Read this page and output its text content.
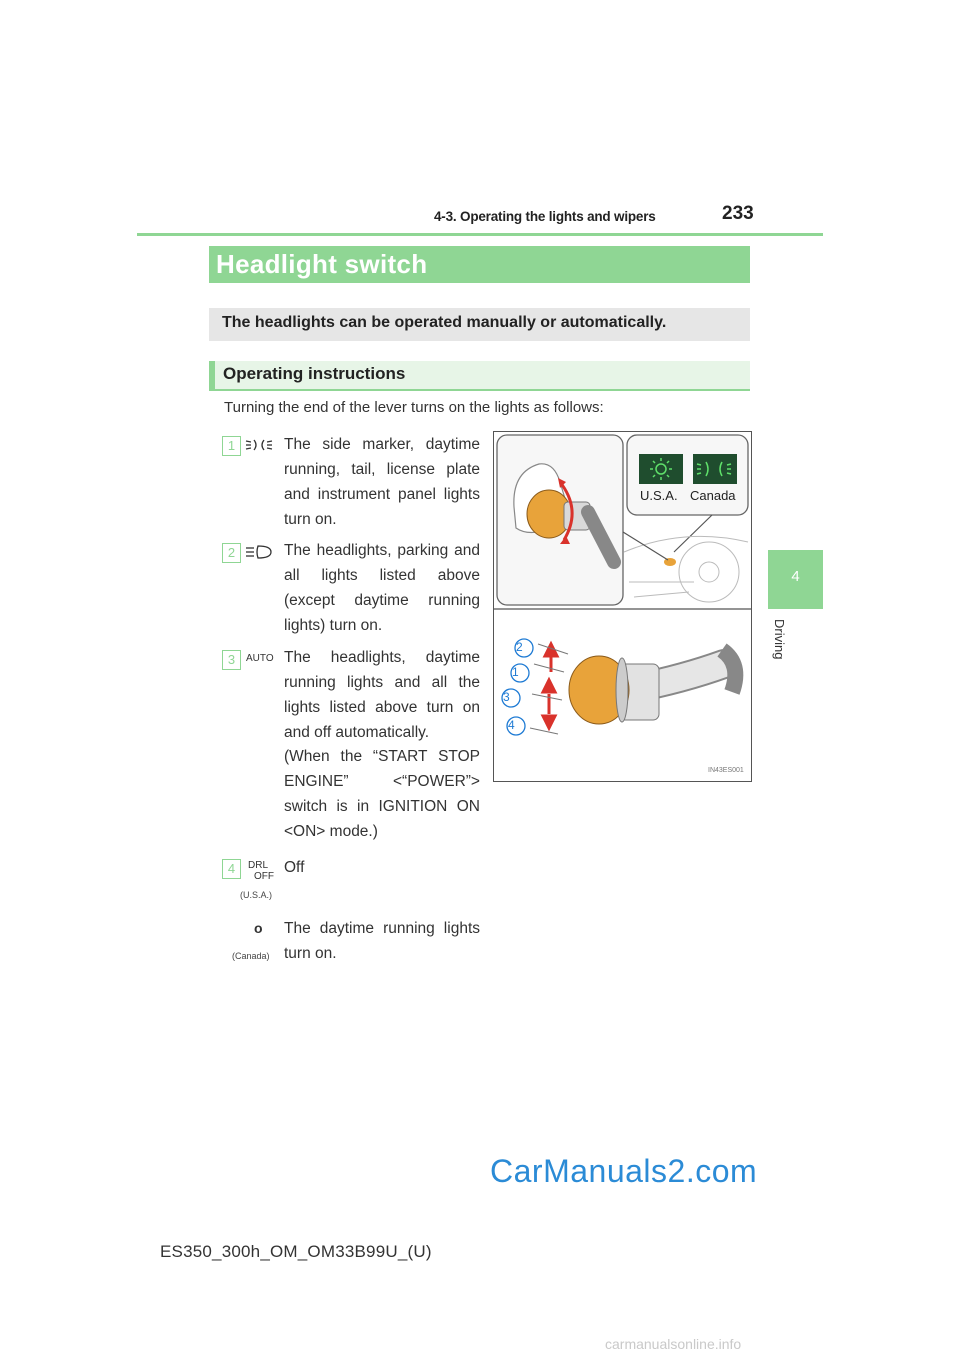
4-3. Operating the lights and wipers	233
4
Driving
Headlight switch
The headlights can be operated manually or automatically.
Operating instructions
Turning the end of the lever turns on the lights as follows:
1	The side marker, daytime running, tail, license plate and instrument panel lights turn on.
2	The headlights, parking and all lights listed above (except daytime running lights) turn on.
3	AUTO The headlights, daytime running lights and all the lights listed above turn on and off automatically.
(When the “START STOP ENGINE” <“POWER”> switch is in IGNITION ON <ON> mode.)
4	DRL
OFF
(U.S.A.)
Off
o
(Canada)
The daytime running lights turn on.
2
1
3
4
U.S.A. Canada
IN43ES001
ES350_300h_OM_OM33B99U_(U)
CarManuals2.com
carmanualsonline.info
